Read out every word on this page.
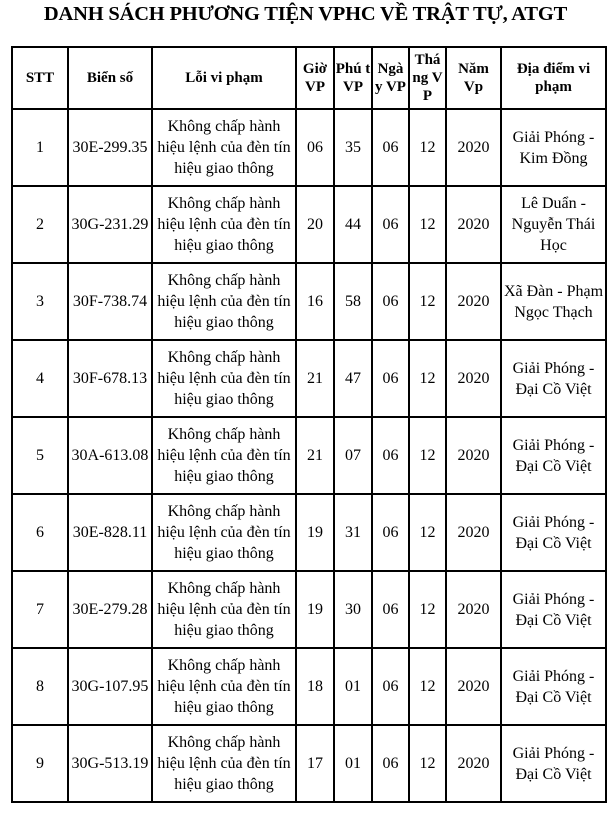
DANH SÁCH PHƯƠNG TIỆN VPHC VỀ TRẬT TỰ, ATGT
STT	Biển số	Lỗi vi phạm	Giờ VP	Phú t VP	Ngà y VP	Thá ng VP	Năm Vp	Địa điểm vi phạm
1	30E-299.35	Không chấp hành hiệu lệnh của đèn tín hiệu giao thông	06	35	06	12	2020	Giải Phóng - Kim Đồng
2	30G-231.29	Không chấp hành hiệu lệnh của đèn tín hiệu giao thông	20	44	06	12	2020	Lê Duẩn - Nguyễn Thái Học
3	30F-738.74	Không chấp hành hiệu lệnh của đèn tín hiệu giao thông	16	58	06	12	2020	Xã Đàn - Phạm Ngọc Thạch
4	30F-678.13	Không chấp hành hiệu lệnh của đèn tín hiệu giao thông	21	47	06	12	2020	Giải Phóng - Đại Cồ Việt
5	30A-613.08	Không chấp hành hiệu lệnh của đèn tín hiệu giao thông	21	07	06	12	2020	Giải Phóng - Đại Cồ Việt
6	30E-828.11	Không chấp hành hiệu lệnh của đèn tín hiệu giao thông	19	31	06	12	2020	Giải Phóng - Đại Cồ Việt
7	30E-279.28	Không chấp hành hiệu lệnh của đèn tín hiệu giao thông	19	30	06	12	2020	Giải Phóng - Đại Cồ Việt
8	30G-107.95	Không chấp hành hiệu lệnh của đèn tín hiệu giao thông	18	01	06	12	2020	Giải Phóng - Đại Cồ Việt
9	30G-513.19	Không chấp hành hiệu lệnh của đèn tín hiệu giao thông	17	01	06	12	2020	Giải Phóng - Đại Cồ Việt
